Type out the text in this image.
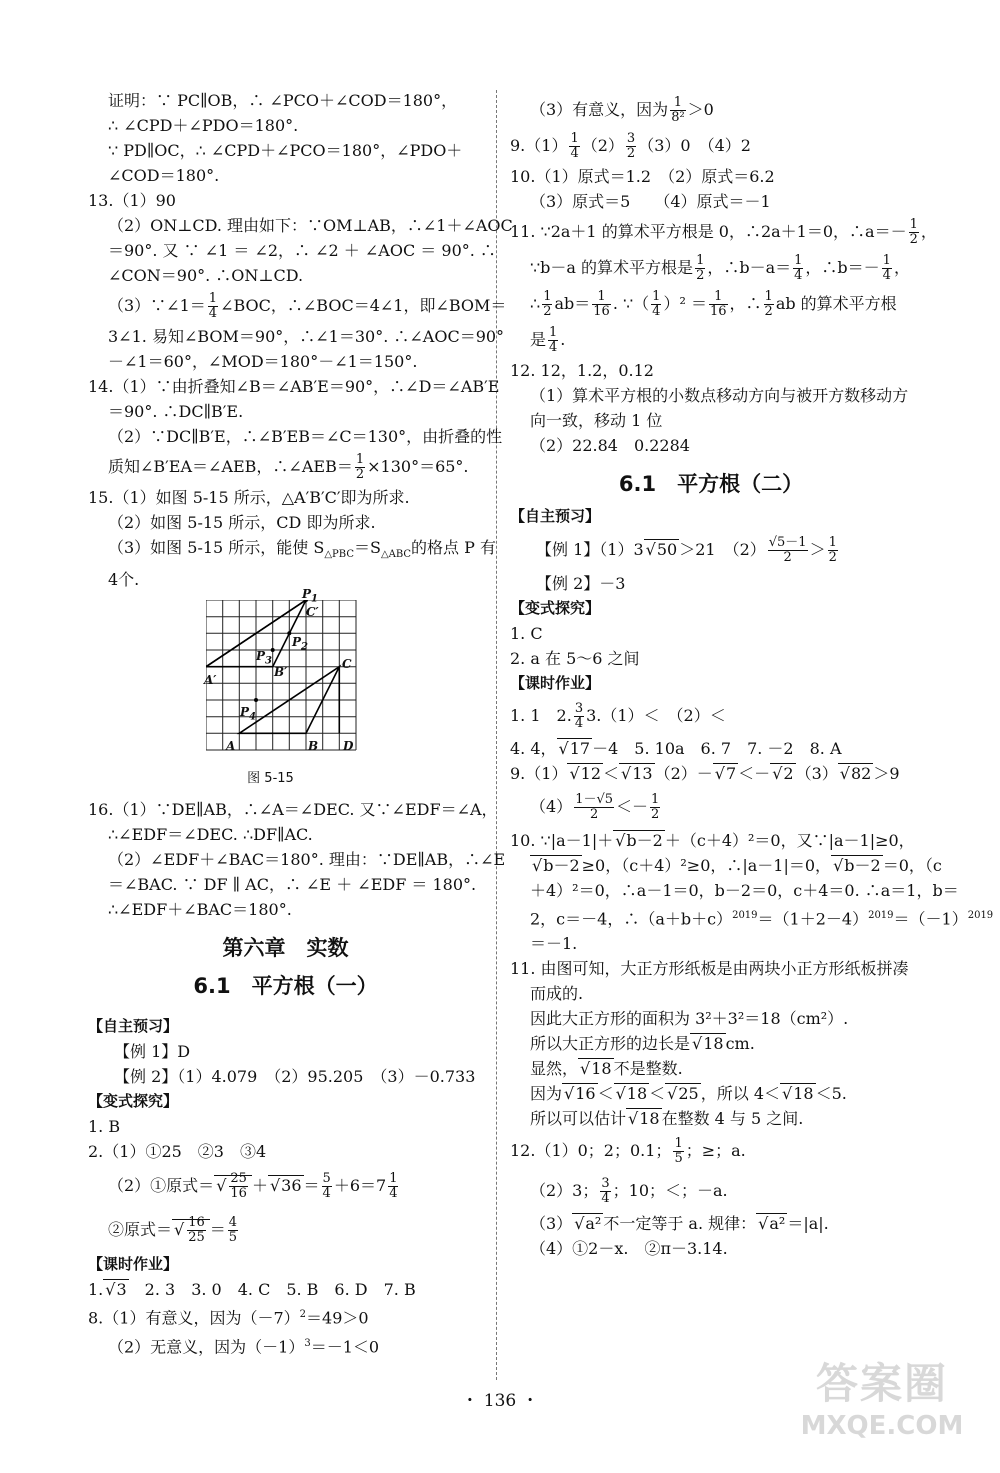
证明：∵ PC∥OB，∴ ∠PCO＋∠COD＝180°，
∴ ∠CPD＋∠PDO＝180°.
∵ PD∥OC，∴ ∠CPD＋∠PCO＝180°，∠PDO＋
∠COD＝180°.
13.（1）90
（2）ON⊥CD. 理由如下：∵OM⊥AB，∴∠1＋∠AOC
＝90°. 又 ∵ ∠1 ＝ ∠2，∴ ∠2 ＋ ∠AOC ＝ 90°. ∴
∠CON＝90°. ∴ON⊥CD.
（3）∵∠1＝ $\frac{1}{4}$ ∠BOC，∴∠BOC＝4∠1，即∠BOM＝
3∠1. 易知∠BOM＝90°，∴∠1＝30°. ∴∠AOC＝90°
－∠1＝60°，∠MOD＝180°－∠1＝150°.
14.（1）∵由折叠知∠B＝∠AB′E＝90°，∴∠D＝∠AB′E
＝90°. ∴DC∥B′E.
（2）∵DC∥B′E，∴∠B′EB＝∠C＝130°，由折叠的性
质知∠B′EA＝∠AEB，∴∠AEB＝ $\frac{1}{2} \times 130^\circ=65^\circ$.
15.（1）如图 5-15 所示，△A′B′C′即为所求.
（2）如图 5-15 所示，CD 即为所求.
（3）如图 5-15 所示，能使 $S_{\triangle PBC}=S_{\triangle ABC}$的格点 P 有
4个.
$P_1$
C′
$P_2$
$P_3$
B′
A′
C
$P_4$
A	B D
图 5-15
16.（1）∵DE∥AB，∴∠A＝∠DEC. 又∵∠EDF＝∠A，
∴∠EDF＝∠DEC. ∴DF∥AC.
（2）∠EDF＋∠BAC＝180°. 理由：∵DE∥AB，∴∠E
＝∠BAC. ∵ DF ∥ AC，∴ ∠E ＋ ∠EDF ＝ 180°.
∴∠EDF＋∠BAC＝180°.
第六章　实数
6.1　平方根（一）
【自主预习】
【例 1】D
【例 2】（1）4.079　（2）95.205　（3）－0.733
【变式探究】
1. B
2.（1）①25　②3　③4
（2）①原式＝ √ $\frac{25}{16}$ ＋ √ $36 = \frac{5}{4} +6=7 \frac{1}{4}$
②原式＝ √ $\frac{16}{25} = \frac{4}{5}$
【课时作业】
1. √ 3　2. 3　3. 0　4. C　5. B　6. D　7. B
8.（1）有意义，因为$(-7)^2=49>0$
（2）无意义，因为$(-1)^3=-1<0$
（3）有意义，因为 $\frac{1}{\text{8²}} >0$
$9.(1) \frac{1}{4} (2) \frac{3}{2} (3)0$　（4）2
10.（1）原式＝1.2　（2）原式＝6.2
（3）原式＝5　　（4）原式＝－1
11. ∵2a＋1 的算术平方根是 0，∴2a＋1＝0，∴a＝－ $\frac{1}{2}$ ，
∵b－a 的算术平方根是 $\frac{1}{2}$ ，∴b－a＝ $\frac{1}{4}$ ，∴b＝－ $\frac{1}{4}$ ，
∴ $\frac{1}{2} ab= \frac{1}{16}$ . ∵（ $\frac{1}{4} )^2 = \frac{1}{16}$ ，∴ $\frac{1}{2}$ ab 的算术平方根
是 $\frac{1}{4}$ .
12. 12，1.2，0.12
（1）算术平方根的小数点移动方向与被开方数移动方
向一致，移动 1 位
（2）22.84　0.2284
6.1　平方根（二）
【自主预习】
【例 1】（1）3 √ 50 ＞21　$(2) \frac{√5-1}{2} > \frac{1}{2}$
【例 2】－3
【变式探究】
1. C
2. a 在 5～6 之间
【课时作业】
1. 1　2. $\frac{3}{4} 3.(1)<$　（2）＜
4. 4， √ 17 －4　5. 10a　6. 7　7. －2　8. A
9.（1） √ 12 ＜ √ 13 （2）－ √ 7 ＜－ √ 2 （3） √ 82 ＞9
$(4) \frac{1-√5}{2} <- \frac{1}{2}$
10. ∵|a－1|＋ √ b－2 ＋（c＋4）²＝0，又∵|a－1|≥0，
√ b－2 ≥0，（c＋4）²≥0，∴|a－1|＝0， √ b－2 ＝0，（c
＋4）²＝0，∴a－1＝0，b－2＝0，c＋4＝0. ∴a＝1，b＝
2，c＝－4，$\therefore(a+b+c)^{2019}=(1+2-4)^{2019}=(-1)^{2019}$
＝－1.
11. 由图可知，大正方形纸板是由两块小正方形纸板拼凑
而成的.
因此大正方形的面积为 3²＋3²＝18（cm²）.
所以大正方形的边长是 √ 18 cm.
显然， √ 18 不是整数.
因为 √ 16 ＜ √ 18 ＜ √ 25 ，所以 4＜ √ 18 ＜5.
所以可以估计 √ 18 在整数 4 与 5 之间.
12.（1）0；2；0.1； $\frac{1}{5}$ ；≥；a.
（2）3； $\frac{3}{4}$ ；10；＜；－a.
（3） √ a² 不一定等于 a. 规律： √ a² ＝|a|.
（4）①2－x.　②π－3.14.
・ 136 ・	答案圈
MXQE.COM
